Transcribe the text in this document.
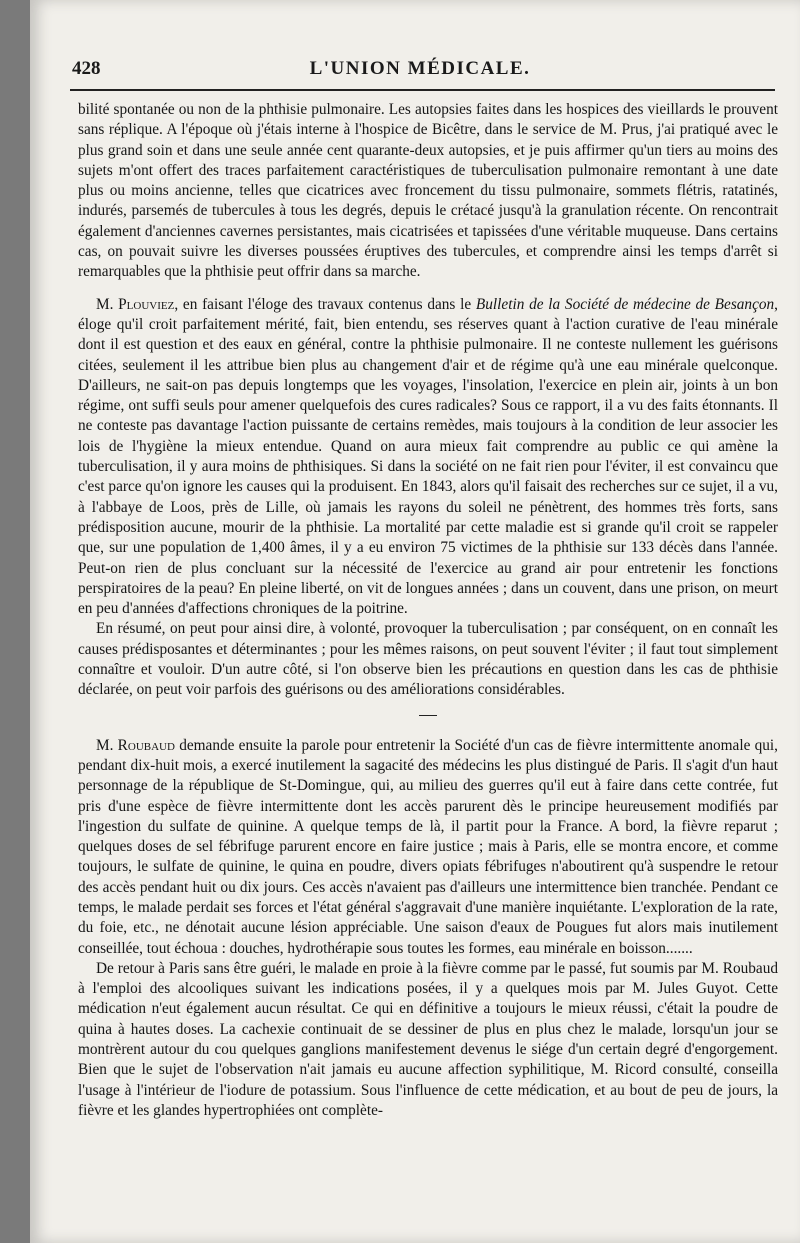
428	L'UNION MÉDICALE.

bilité spontanée ou non de la phthisie pulmonaire. Les autopsies faites dans les hospices des vieillards le prouvent sans réplique. A l'époque où j'étais interne à l'hospice de Bicêtre, dans le service de M. Prus, j'ai pratiqué avec le plus grand soin et dans une seule année cent quarante-deux autopsies, et je puis affirmer qu'un tiers au moins des sujets m'ont offert des traces parfaitement caractéristiques de tuberculisation pulmonaire remontant à une date plus ou moins ancienne, telles que cicatrices avec froncement du tissu pulmonaire, sommets flétris, ratatinés, indurés, parsemés de tubercules à tous les degrés, depuis le crétacé jusqu'à la granulation récente. On rencontrait également d'anciennes cavernes persistantes, mais cicatrisées et tapissées d'une véritable muqueuse. Dans certains cas, on pouvait suivre les diverses poussées éruptives des tubercules, et comprendre ainsi les temps d'arrêt si remarquables que la phthisie peut offrir dans sa marche.

M. Plouviez, en faisant l'éloge des travaux contenus dans le Bulletin de la Société de médecine de Besançon, éloge qu'il croit parfaitement mérité, fait, bien entendu, ses réserves quant à l'action curative de l'eau minérale dont il est question et des eaux en général, contre la phthisie pulmonaire. Il ne conteste nullement les guérisons citées, seulement il les attribue bien plus au changement d'air et de régime qu'à une eau minérale quelconque. D'ailleurs, ne sait-on pas depuis longtemps que les voyages, l'insolation, l'exercice en plein air, joints à un bon régime, ont suffi seuls pour amener quelquefois des cures radicales? Sous ce rapport, il a vu des faits étonnants. Il ne conteste pas davantage l'action puissante de certains remèdes, mais toujours à la condition de leur associer les lois de l'hygiène la mieux entendue. Quand on aura mieux fait comprendre au public ce qui amène la tuberculisation, il y aura moins de phthisiques. Si dans la société on ne fait rien pour l'éviter, il est convaincu que c'est parce qu'on ignore les causes qui la produisent. En 1843, alors qu'il faisait des recherches sur ce sujet, il a vu, à l'abbaye de Loos, près de Lille, où jamais les rayons du soleil ne pénètrent, des hommes très forts, sans prédisposition aucune, mourir de la phthisie. La mortalité par cette maladie est si grande qu'il croit se rappeler que, sur une population de 1,400 âmes, il y a eu environ 75 victimes de la phthisie sur 133 décès dans l'année. Peut-on rien de plus concluant sur la nécessité de l'exercice au grand air pour entretenir les fonctions perspiratoires de la peau? En pleine liberté, on vit de longues années ; dans un couvent, dans une prison, on meurt en peu d'années d'affections chroniques de la poitrine.

En résumé, on peut pour ainsi dire, à volonté, provoquer la tuberculisation ; par conséquent, on en connaît les causes prédisposantes et déterminantes ; pour les mêmes raisons, on peut souvent l'éviter ; il faut tout simplement connaître et vouloir. D'un autre côté, si l'on observe bien les précautions en question dans les cas de phthisie déclarée, on peut voir parfois des guérisons ou des améliorations considérables.

M. Roubaud demande ensuite la parole pour entretenir la Société d'un cas de fièvre intermittente anomale qui, pendant dix-huit mois, a exercé inutilement la sagacité des médecins les plus distingué de Paris. Il s'agit d'un haut personnage de la république de St-Domingue, qui, au milieu des guerres qu'il eut à faire dans cette contrée, fut pris d'une espèce de fièvre intermittente dont les accès parurent dès le principe heureusement modifiés par l'ingestion du sulfate de quinine. A quelque temps de là, il partit pour la France. A bord, la fièvre reparut ; quelques doses de sel fébrifuge parurent encore en faire justice ; mais à Paris, elle se montra encore, et comme toujours, le sulfate de quinine, le quina en poudre, divers opiats fébrifuges n'aboutirent qu'à suspendre le retour des accès pendant huit ou dix jours. Ces accès n'avaient pas d'ailleurs une intermittence bien tranchée. Pendant ce temps, le malade perdait ses forces et l'état général s'aggravait d'une manière inquiétante. L'exploration de la rate, du foie, etc., ne dénotait aucune lésion appréciable. Une saison d'eaux de Pougues fut alors mais inutilement conseillée, tout échoua : douches, hydrothérapie sous toutes les formes, eau minérale en boisson.......

De retour à Paris sans être guéri, le malade en proie à la fièvre comme par le passé, fut soumis par M. Roubaud à l'emploi des alcooliques suivant les indications posées, il y a quelques mois par M. Jules Guyot. Cette médication n'eut également aucun résultat. Ce qui en définitive a toujours le mieux réussi, c'était la poudre de quina à hautes doses. La cachexie continuait de se dessiner de plus en plus chez le malade, lorsqu'un jour se montrèrent autour du cou quelques ganglions manifestement devenus le siége d'un certain degré d'engorgement. Bien que le sujet de l'observation n'ait jamais eu aucune affection syphilitique, M. Ricord consulté, conseilla l'usage à l'intérieur de l'iodure de potassium. Sous l'influence de cette médication, et au bout de peu de jours, la fièvre et les glandes hypertrophiées ont complète-
